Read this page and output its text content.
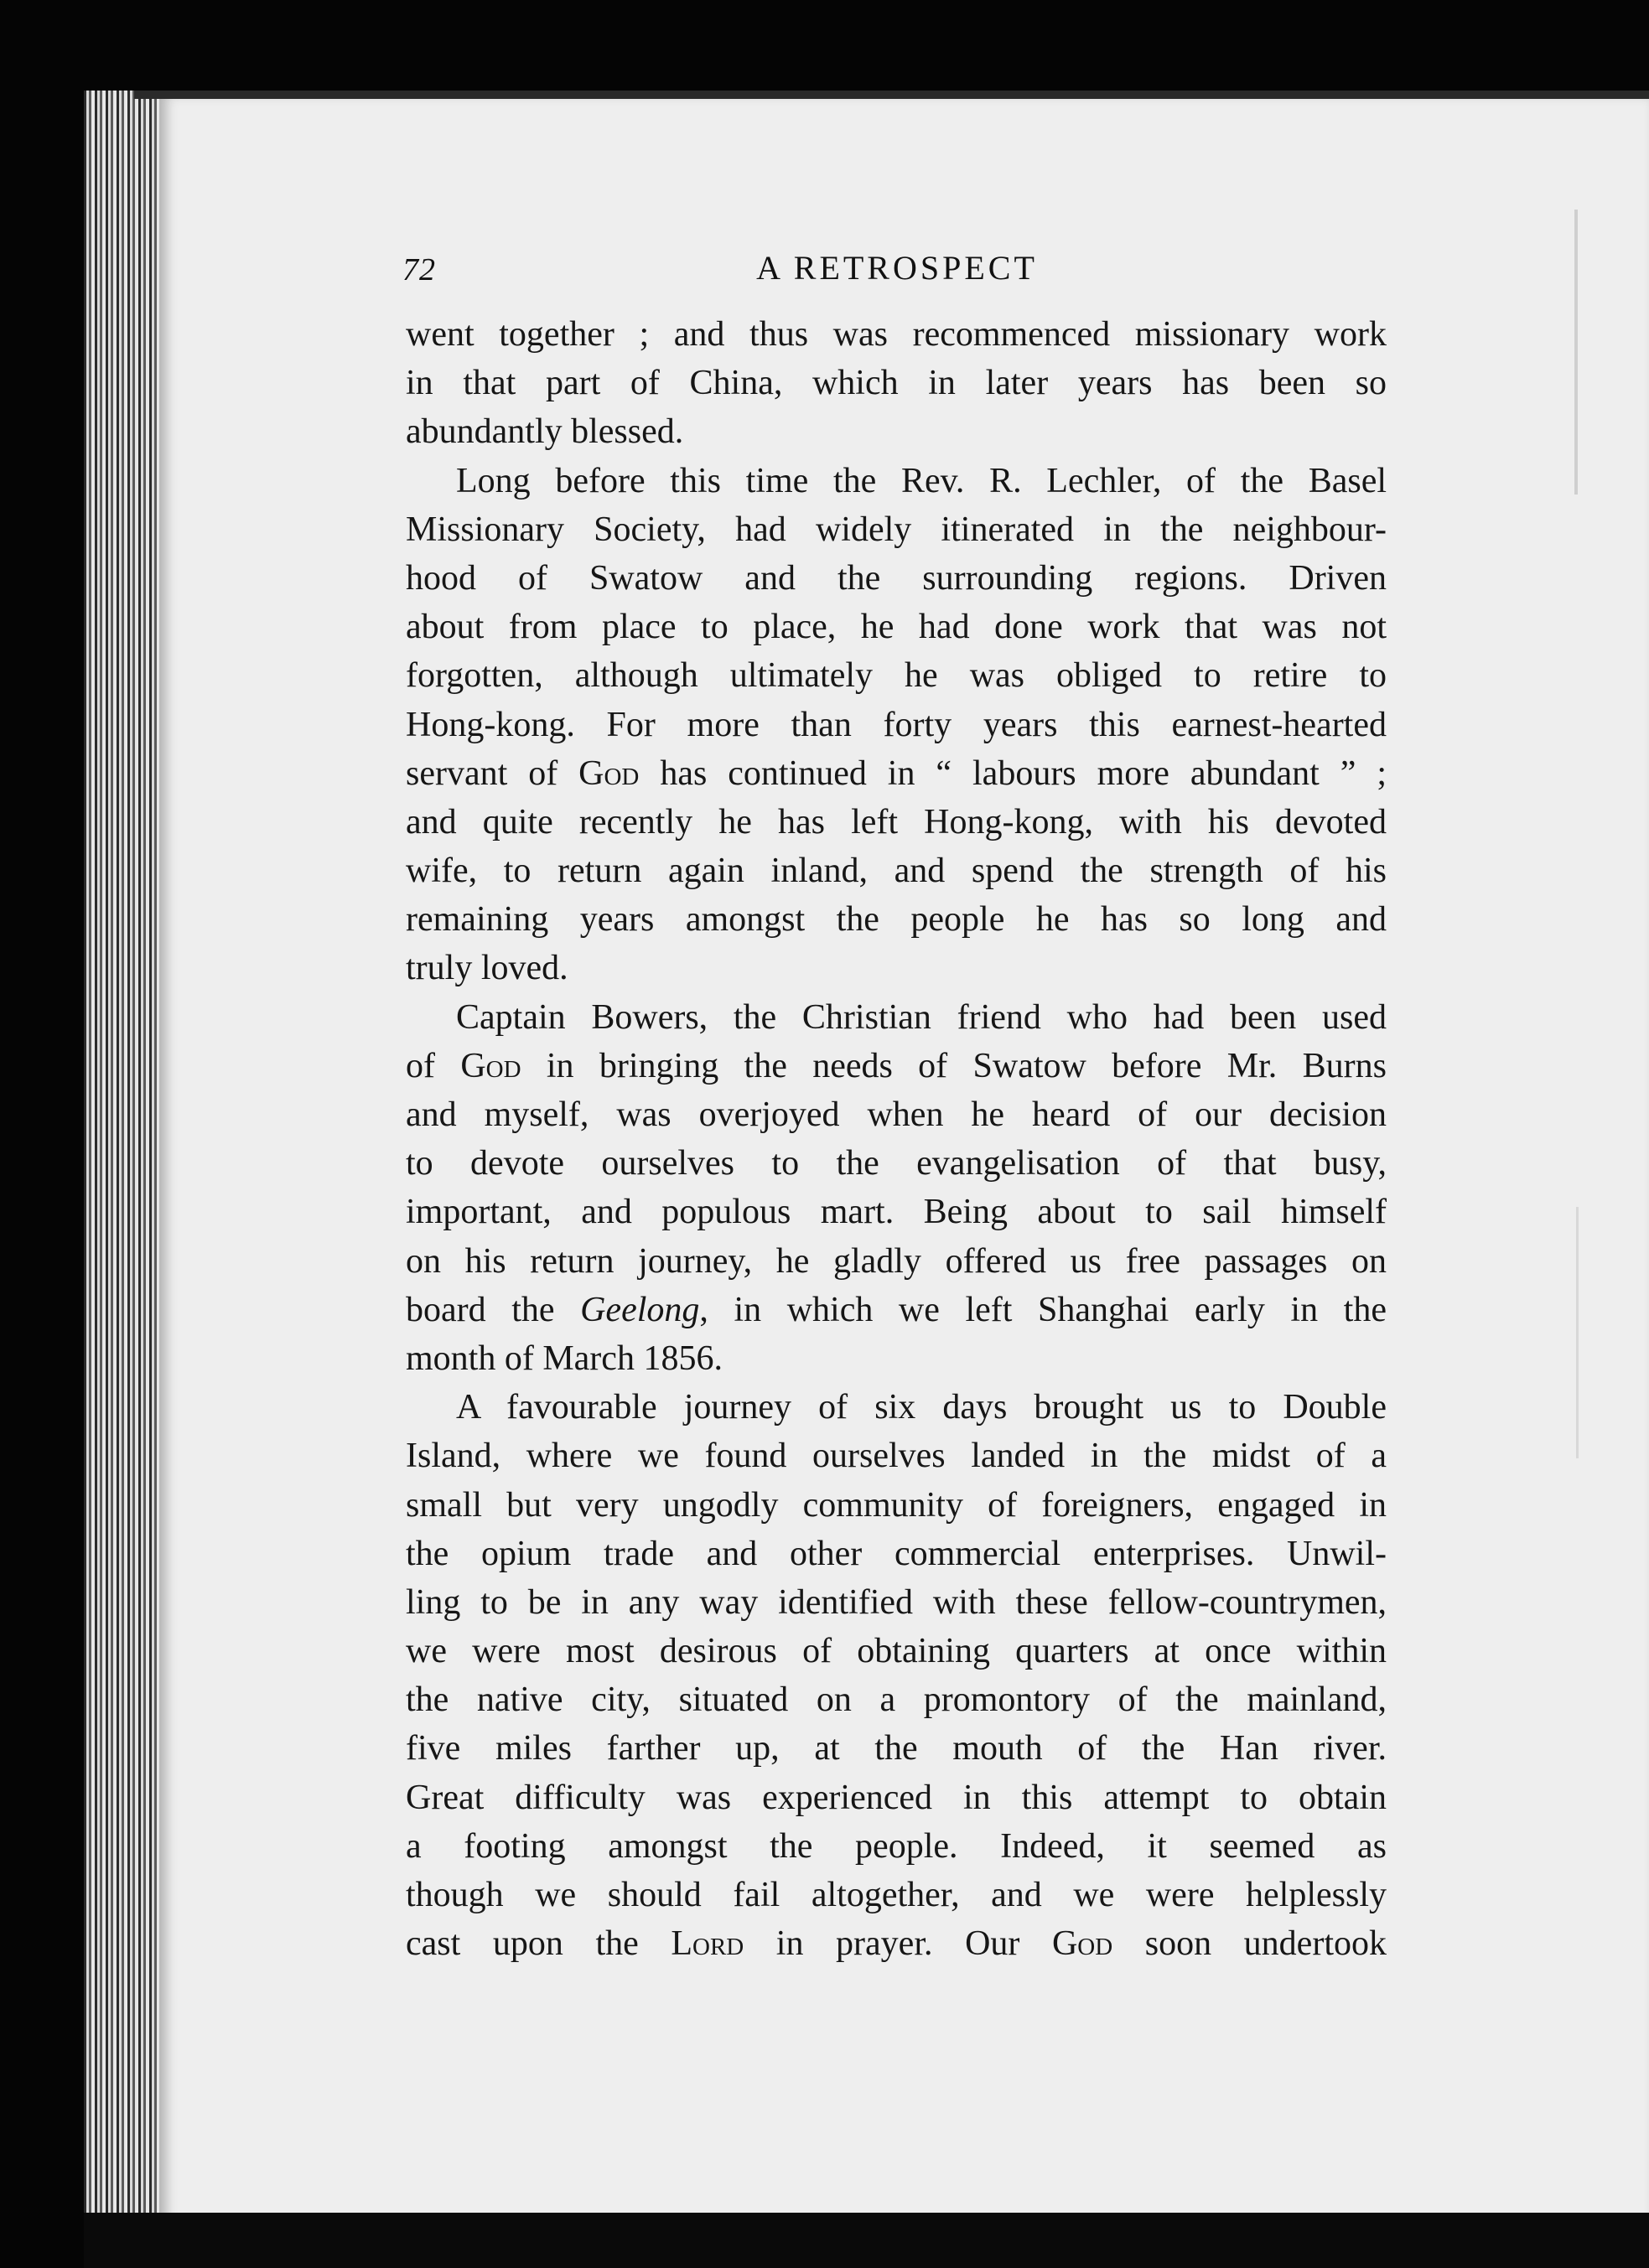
72	A RETROSPECT
went together ; and thus was recommenced missionary work
in that part of China, which in later years has been so
abundantly blessed.
Long before this time the Rev. R. Lechler, of the Basel
Missionary Society, had widely itinerated in the neighbour-
hood of Swatow and the surrounding regions. Driven
about from place to place, he had done work that was not
forgotten, although ultimately he was obliged to retire to
Hong-kong. For more than forty years this earnest-hearted
servant of God has continued in “ labours more abundant ” ;
and quite recently he has left Hong-kong, with his devoted
wife, to return again inland, and spend the strength of his
remaining years amongst the people he has so long and
truly loved.
Captain Bowers, the Christian friend who had been used
of God in bringing the needs of Swatow before Mr. Burns
and myself, was overjoyed when he heard of our decision
to devote ourselves to the evangelisation of that busy,
important, and populous mart. Being about to sail himself
on his return journey, he gladly offered us free passages on
board the Geelong, in which we left Shanghai early in the
month of March 1856.
A favourable journey of six days brought us to Double
Island, where we found ourselves landed in the midst of a
small but very ungodly community of foreigners, engaged in
the opium trade and other commercial enterprises. Unwil-
ling to be in any way identified with these fellow-countrymen,
we were most desirous of obtaining quarters at once within
the native city, situated on a promontory of the mainland,
five miles farther up, at the mouth of the Han river.
Great difficulty was experienced in this attempt to obtain
a footing amongst the people. Indeed, it seemed as
though we should fail altogether, and we were helplessly
cast upon the Lord in prayer. Our God soon undertook
